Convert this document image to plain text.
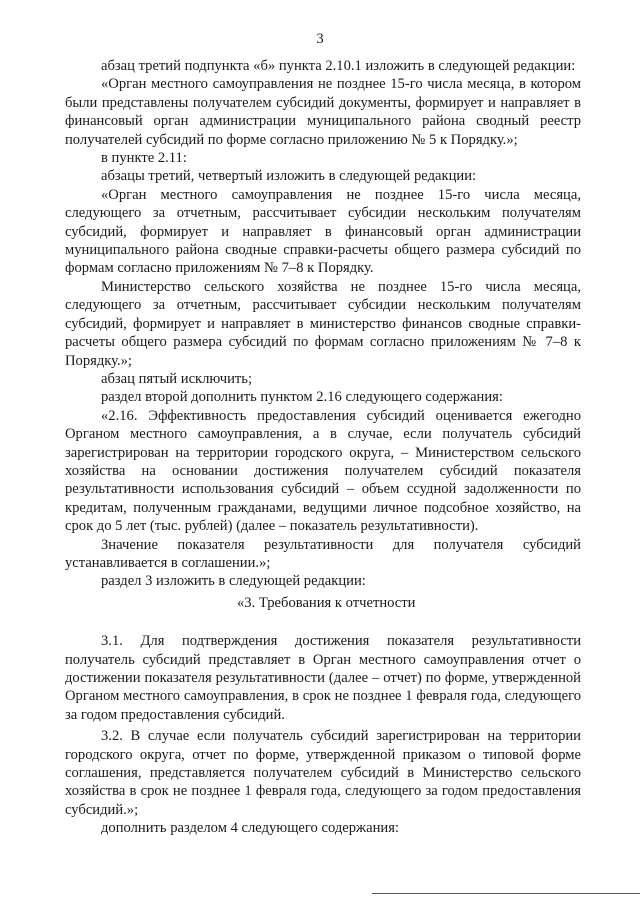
3

абзац третий подпункта «б» пункта 2.10.1 изложить в следующей редакции:

«Орган местного самоуправления не позднее 15-го числа месяца, в котором были представлены получателем субсидий документы, формирует и направляет в финансовый орган администрации муниципального района сводный реестр получателей субсидий по форме согласно приложению № 5 к Порядку.»;

в пункте 2.11:

абзацы третий, четвертый изложить в следующей редакции:

«Орган местного самоуправления не позднее 15-го числа месяца, следующего за отчетным, рассчитывает субсидии нескольким получателям субсидий, формирует и направляет в финансовый орган администрации муниципального района сводные справки-расчеты общего размера субсидий по формам согласно приложениям № 7–8 к Порядку.

Министерство сельского хозяйства не позднее 15-го числа месяца, следующего за отчетным, рассчитывает субсидии нескольким получателям субсидий, формирует и направляет в министерство финансов сводные справки-расчеты общего размера субсидий по формам согласно приложениям № 7–8 к Порядку.»;

абзац пятый исключить;

раздел второй дополнить пунктом 2.16 следующего содержания:

«2.16. Эффективность предоставления субсидий оценивается ежегодно Органом местного самоуправления, а в случае, если получатель субсидий зарегистрирован на территории городского округа, – Министерством сельского хозяйства на основании достижения получателем субсидий показателя результативности использования субсидий – объем ссудной задолженности по кредитам, полученным гражданами, ведущими личное подсобное хозяйство, на срок до 5 лет (тыс. рублей) (далее – показатель результативности).

Значение показателя результативности для получателя субсидий устанавливается в соглашении.»;

раздел 3 изложить в следующей редакции:

«3. Требования к отчетности

3.1. Для подтверждения достижения показателя результативности получатель субсидий представляет в Орган местного самоуправления отчет о достижении показателя результативности (далее – отчет) по форме, утвержденной Органом местного самоуправления, в срок не позднее 1 февраля года, следующего за годом предоставления субсидий.

3.2. В случае если получатель субсидий зарегистрирован на территории городского округа, отчет по форме, утвержденной приказом о типовой форме соглашения, представляется получателем субсидий в Министерство сельского хозяйства в срок не позднее 1 февраля года, следующего за годом предоставления субсидий.»;

дополнить разделом 4 следующего содержания:
